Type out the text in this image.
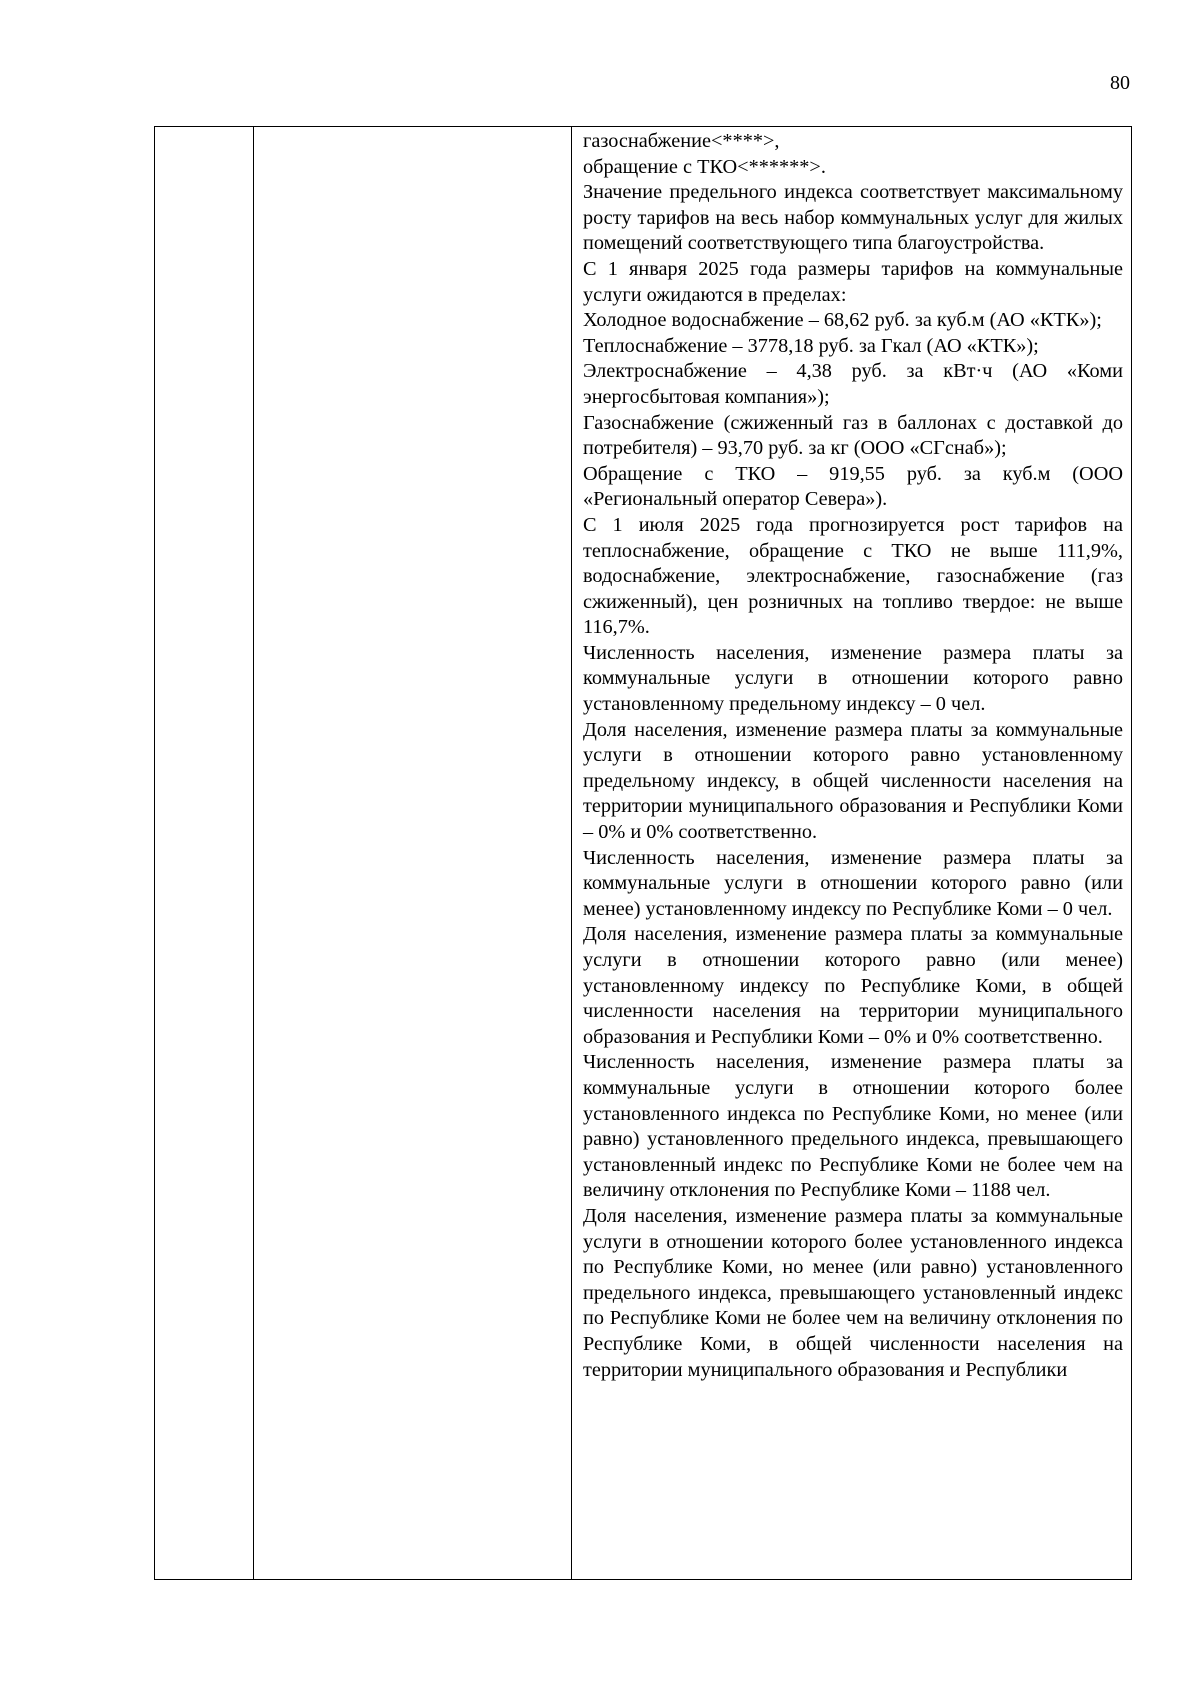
80

газоснабжение<****>,

обращение с ТКО<******>.

Значение предельного индекса соответствует максимальному росту тарифов на весь набор коммунальных услуг для жилых помещений соответствующего типа благоустройства.

С 1 января 2025 года размеры тарифов на коммунальные услуги ожидаются в пределах:

Холодное водоснабжение – 68,62 руб. за куб.м (АО «КТК»);

Теплоснабжение – 3778,18 руб. за Гкал (АО «КТК»);

Электроснабжение – 4,38 руб. за кВт·ч (АО «Коми энергосбытовая компания»);

Газоснабжение (сжиженный газ в баллонах с доставкой до потребителя) – 93,70 руб. за кг (ООО «СГснаб»);

Обращение с ТКО – 919,55 руб. за куб.м (ООО «Региональный оператор Севера»).

С 1 июля 2025 года прогнозируется рост тарифов на теплоснабжение, обращение с ТКО не выше 111,9%, водоснабжение, электроснабжение, газоснабжение (газ сжиженный), цен розничных на топливо твердое: не выше 116,7%.

Численность населения, изменение размера платы за коммунальные услуги в отношении которого равно установленному предельному индексу – 0 чел.

Доля населения, изменение размера платы за коммунальные услуги в отношении которого равно установленному предельному индексу, в общей численности населения на территории муниципального образования и Республики Коми – 0% и 0% соответственно.

Численность населения, изменение размера платы за коммунальные услуги в отношении которого равно (или менее) установленному индексу по Республике Коми – 0 чел.

Доля населения, изменение размера платы за коммунальные услуги в отношении которого равно (или менее) установленному индексу по Республике Коми, в общей численности населения на территории муниципального образования и Республики Коми – 0% и 0% соответственно.

Численность населения, изменение размера платы за коммунальные услуги в отношении которого более установленного индекса по Республике Коми, но менее (или равно) установленного предельного индекса, превышающего установленный индекс по Республике Коми не более чем на величину отклонения по Республике Коми – 1188 чел.

Доля населения, изменение размера платы за коммунальные услуги в отношении которого более установленного индекса по Республике Коми, но менее (или равно) установленного предельного индекса, превышающего установленный индекс по Республике Коми не более чем на величину отклонения по Республике Коми, в общей численности населения на территории муниципального образования и Республики
